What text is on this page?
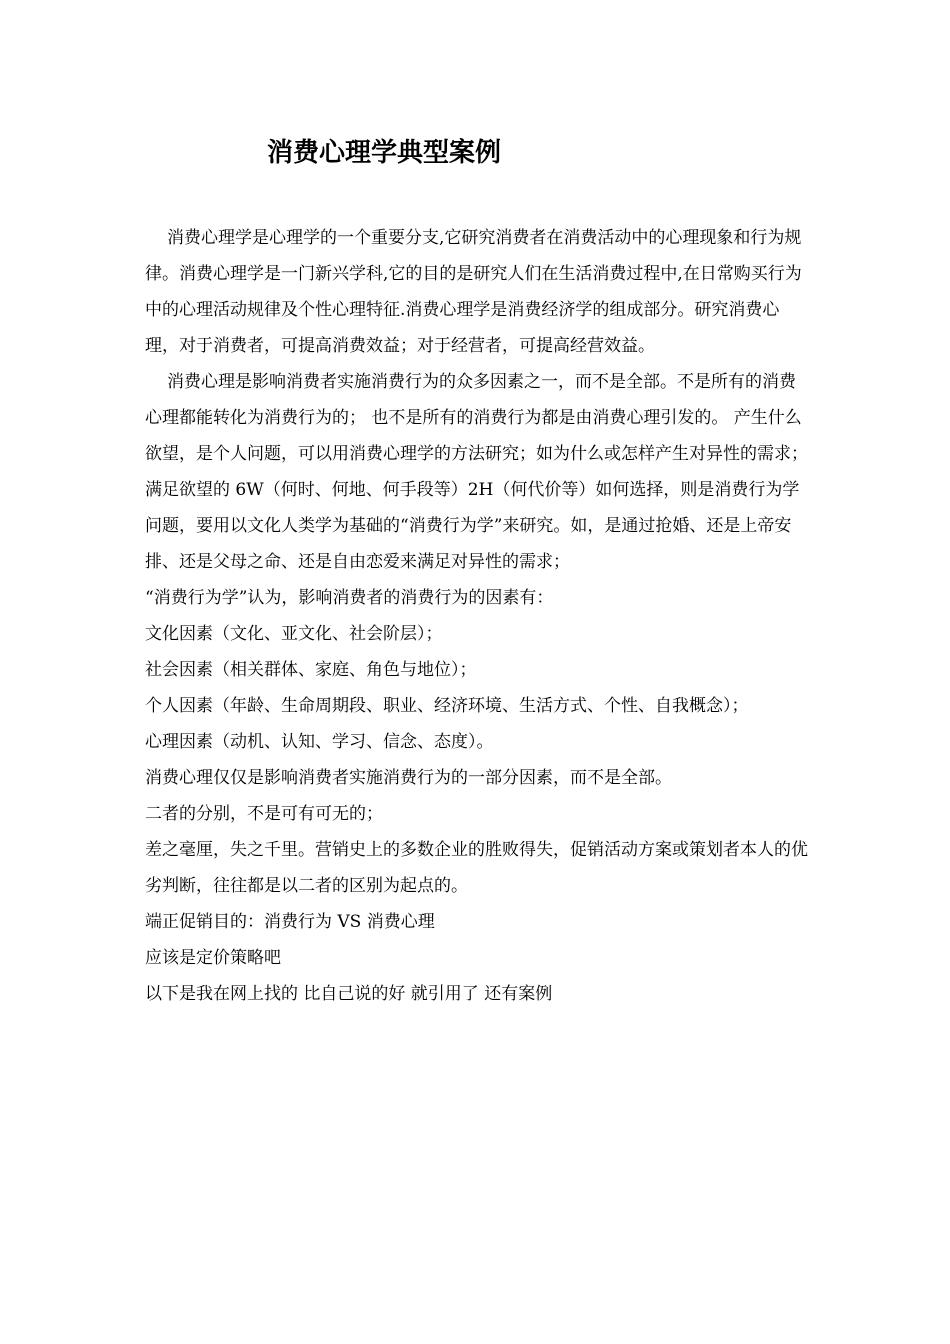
消费心理学典型案例

消费心理学是心理学的一个重要分支,它研究消费者在消费活动中的心理现象和行为规律。消费心理学是一门新兴学科,它的目的是研究人们在生活消费过程中,在日常购买行为中的心理活动规律及个性心理特征.消费心理学是消费经济学的组成部分。研究消费心理，对于消费者，可提高消费效益；对于经营者，可提高经营效益。

消费心理是影响消费者实施消费行为的众多因素之一，而不是全部。不是所有的消费心理都能转化为消费行为的； 也不是所有的消费行为都是由消费心理引发的。 产生什么欲望，是个人问题，可以用消费心理学的方法研究；如为什么或怎样产生对异性的需求； 满足欲望的 6W（何时、何地、何手段等）2H（何代价等）如何选择，则是消费行为学问题，要用以文化人类学为基础的“消费行为学”来研究。如，是通过抢婚、还是上帝安排、还是父母之命、还是自由恋爱来满足对异性的需求；

“消费行为学”认为，影响消费者的消费行为的因素有：

文化因素（文化、亚文化、社会阶层）；

社会因素（相关群体、家庭、角色与地位）；

个人因素（年龄、生命周期段、职业、经济环境、生活方式、个性、自我概念）；

心理因素（动机、认知、学习、信念、态度）。

消费心理仅仅是影响消费者实施消费行为的一部分因素，而不是全部。

二者的分别，不是可有可无的；

差之毫厘，失之千里。营销史上的多数企业的胜败得失，促销活动方案或策划者本人的优劣判断，往往都是以二者的区别为起点的。

端正促销目的：消费行为 VS 消费心理

应该是定价策略吧

以下是我在网上找的 比自己说的好 就引用了 还有案例
